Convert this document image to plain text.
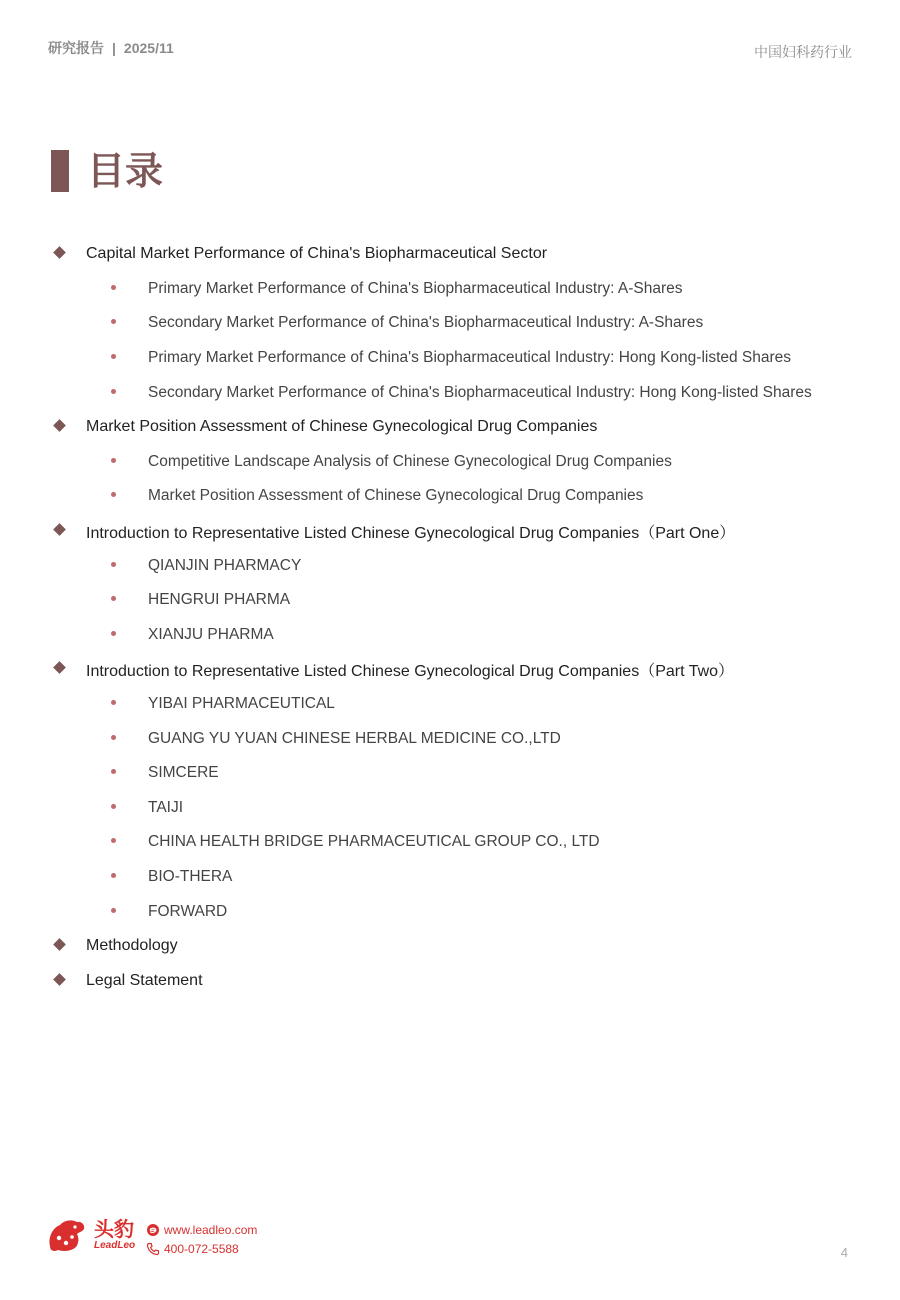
研究报告 | 2025/11	中国妇科药行业
目录
Capital Market Performance of China's Biopharmaceutical Sector
Primary Market Performance of China's Biopharmaceutical Industry: A-Shares
Secondary Market Performance of China's Biopharmaceutical Industry: A-Shares
Primary Market Performance of China's Biopharmaceutical Industry: Hong Kong-listed Shares
Secondary Market Performance of China's Biopharmaceutical Industry: Hong Kong-listed Shares
Market Position Assessment of Chinese Gynecological Drug Companies
Competitive Landscape Analysis of Chinese Gynecological Drug Companies
Market Position Assessment of Chinese Gynecological Drug Companies
Introduction to Representative Listed Chinese Gynecological Drug Companies（Part One）
QIANJIN PHARMACY
HENGRUI PHARMA
XIANJU PHARMA
Introduction to Representative Listed Chinese Gynecological Drug Companies（Part Two）
YIBAI PHARMACEUTICAL
GUANG YU YUAN CHINESE HERBAL MEDICINE CO.,LTD
SIMCERE
TAIJI
CHINA HEALTH BRIDGE PHARMACEUTICAL GROUP CO., LTD
BIO-THERA
FORWARD
Methodology
Legal Statement
头豹
LeadLeo
www.leadleo.com
400-072-5588	4
